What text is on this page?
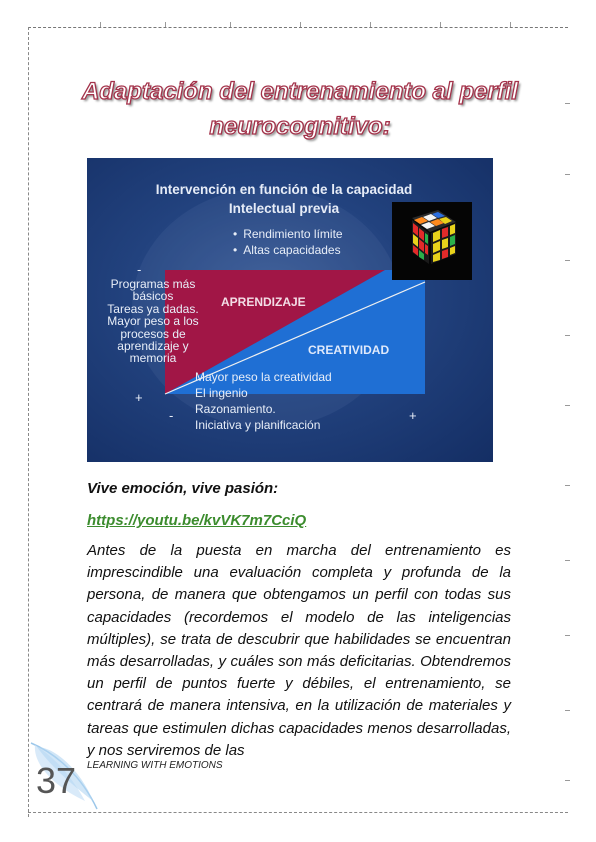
Adaptación del entrenamiento al perfil neurocognitivo:
Intervención en función de la capacidad
Intelectual previa
• Rendimiento límite
• Altas capacidades
-
Programas más
básicos
Tareas ya dadas.
Mayor peso a los
procesos de
aprendizaje y
memoria
APRENDIZAJE
CREATIVIDAD
Mayor peso la creatividad
El ingenio
Razonamiento.
Iniciativa y planificación
+
-	+
Vive emoción, vive pasión:
https://youtu.be/kvVK7m7CciQ
Antes de la puesta en marcha del entrenamiento es imprescindible una evaluación completa y profunda de la persona, de manera que obtengamos un perfil con todas sus capacidades (recordemos el modelo de las inteligencias múltiples), se trata de descubrir que habilidades se encuentran más desarrolladas, y cuáles son más deficitarias. Obtendremos un perfil de puntos fuerte y débiles, el entrenamiento, se centrará de manera intensiva, en la utilización de materiales y tareas que estimulen dichas capacidades menos desarrolladas, y nos serviremos de las
37 LEARNING WITH EMOTIONS
